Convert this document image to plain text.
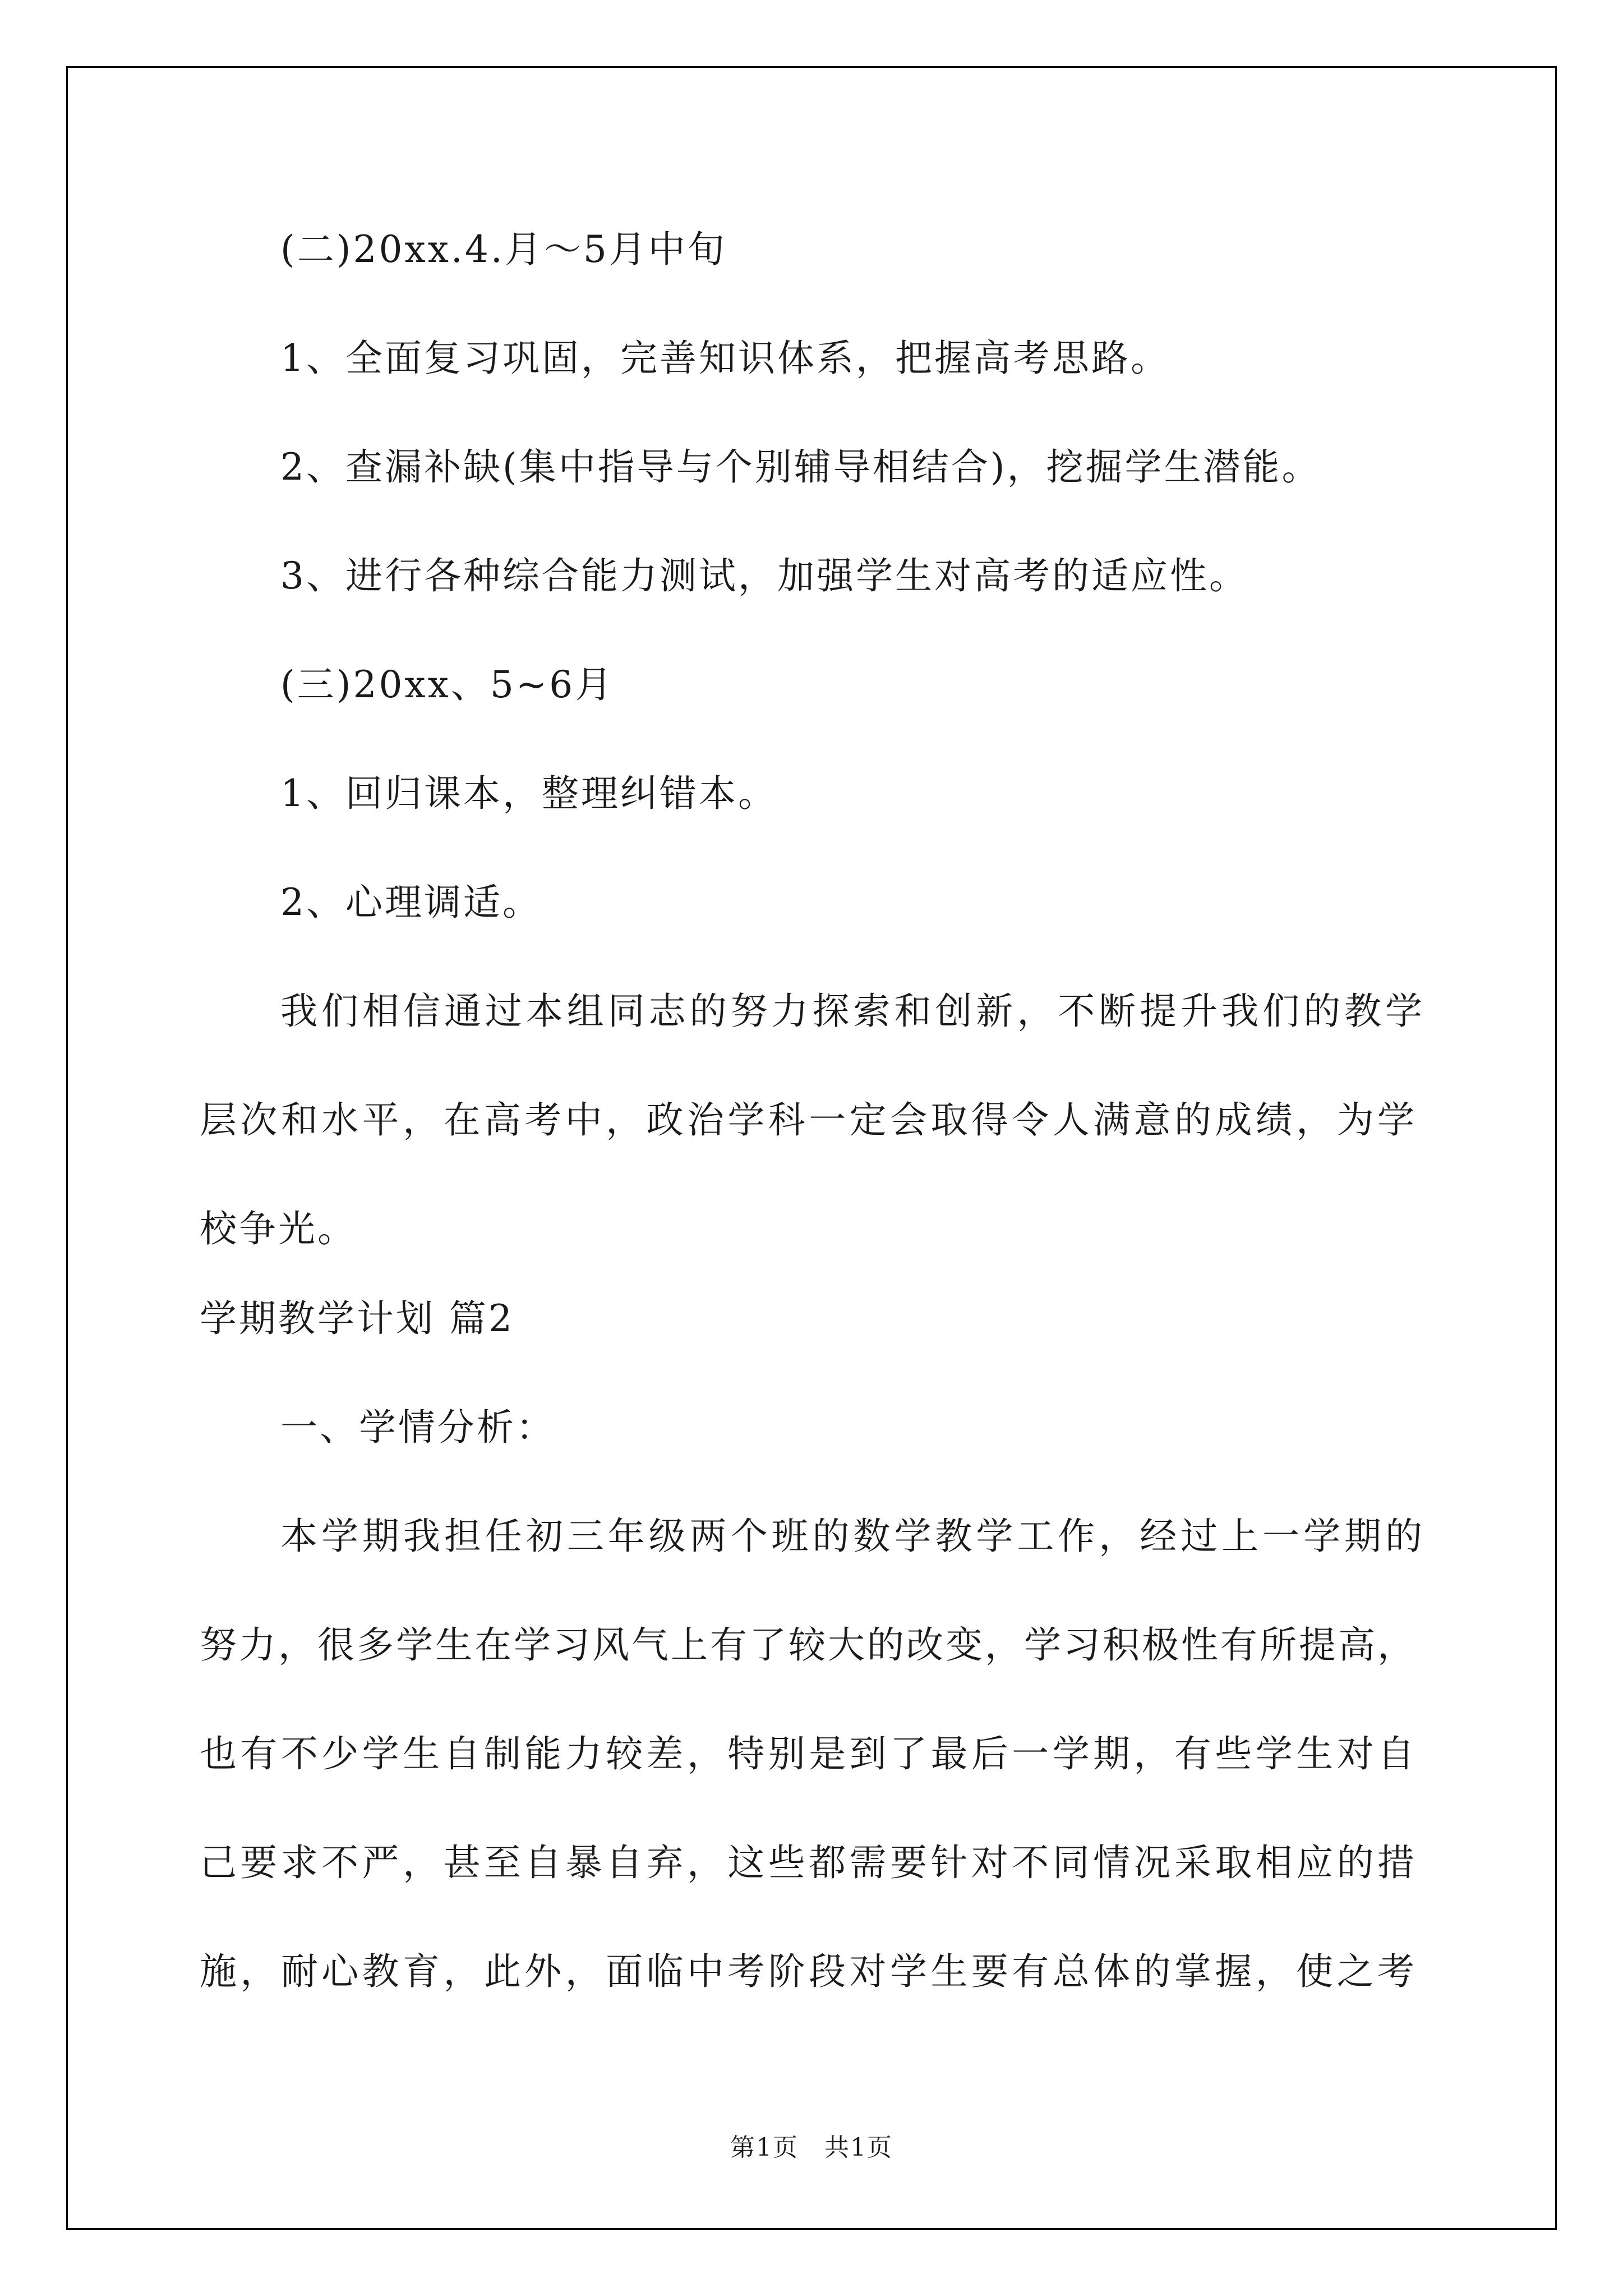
(二)20xx.4.月～5月中旬
1、全面复习巩固，完善知识体系，把握高考思路。
2、查漏补缺(集中指导与个别辅导相结合)，挖掘学生潜能。
3、进行各种综合能力测试，加强学生对高考的适应性。
(三)20xx、5~6月
1、回归课本，整理纠错本。
2、心理调适。
我们相信通过本组同志的努力探索和创新，不断提升我们的教学
层次和水平，在高考中，政治学科一定会取得令人满意的成绩，为学
校争光。
学期教学计划 篇2
一、学情分析：
本学期我担任初三年级两个班的数学教学工作，经过上一学期的
努力，很多学生在学习风气上有了较大的改变，学习积极性有所提高，
也有不少学生自制能力较差，特别是到了最后一学期，有些学生对自
己要求不严，甚至自暴自弃，这些都需要针对不同情况采取相应的措
施，耐心教育，此外，面临中考阶段对学生要有总体的掌握，使之考
第1页　共1页
